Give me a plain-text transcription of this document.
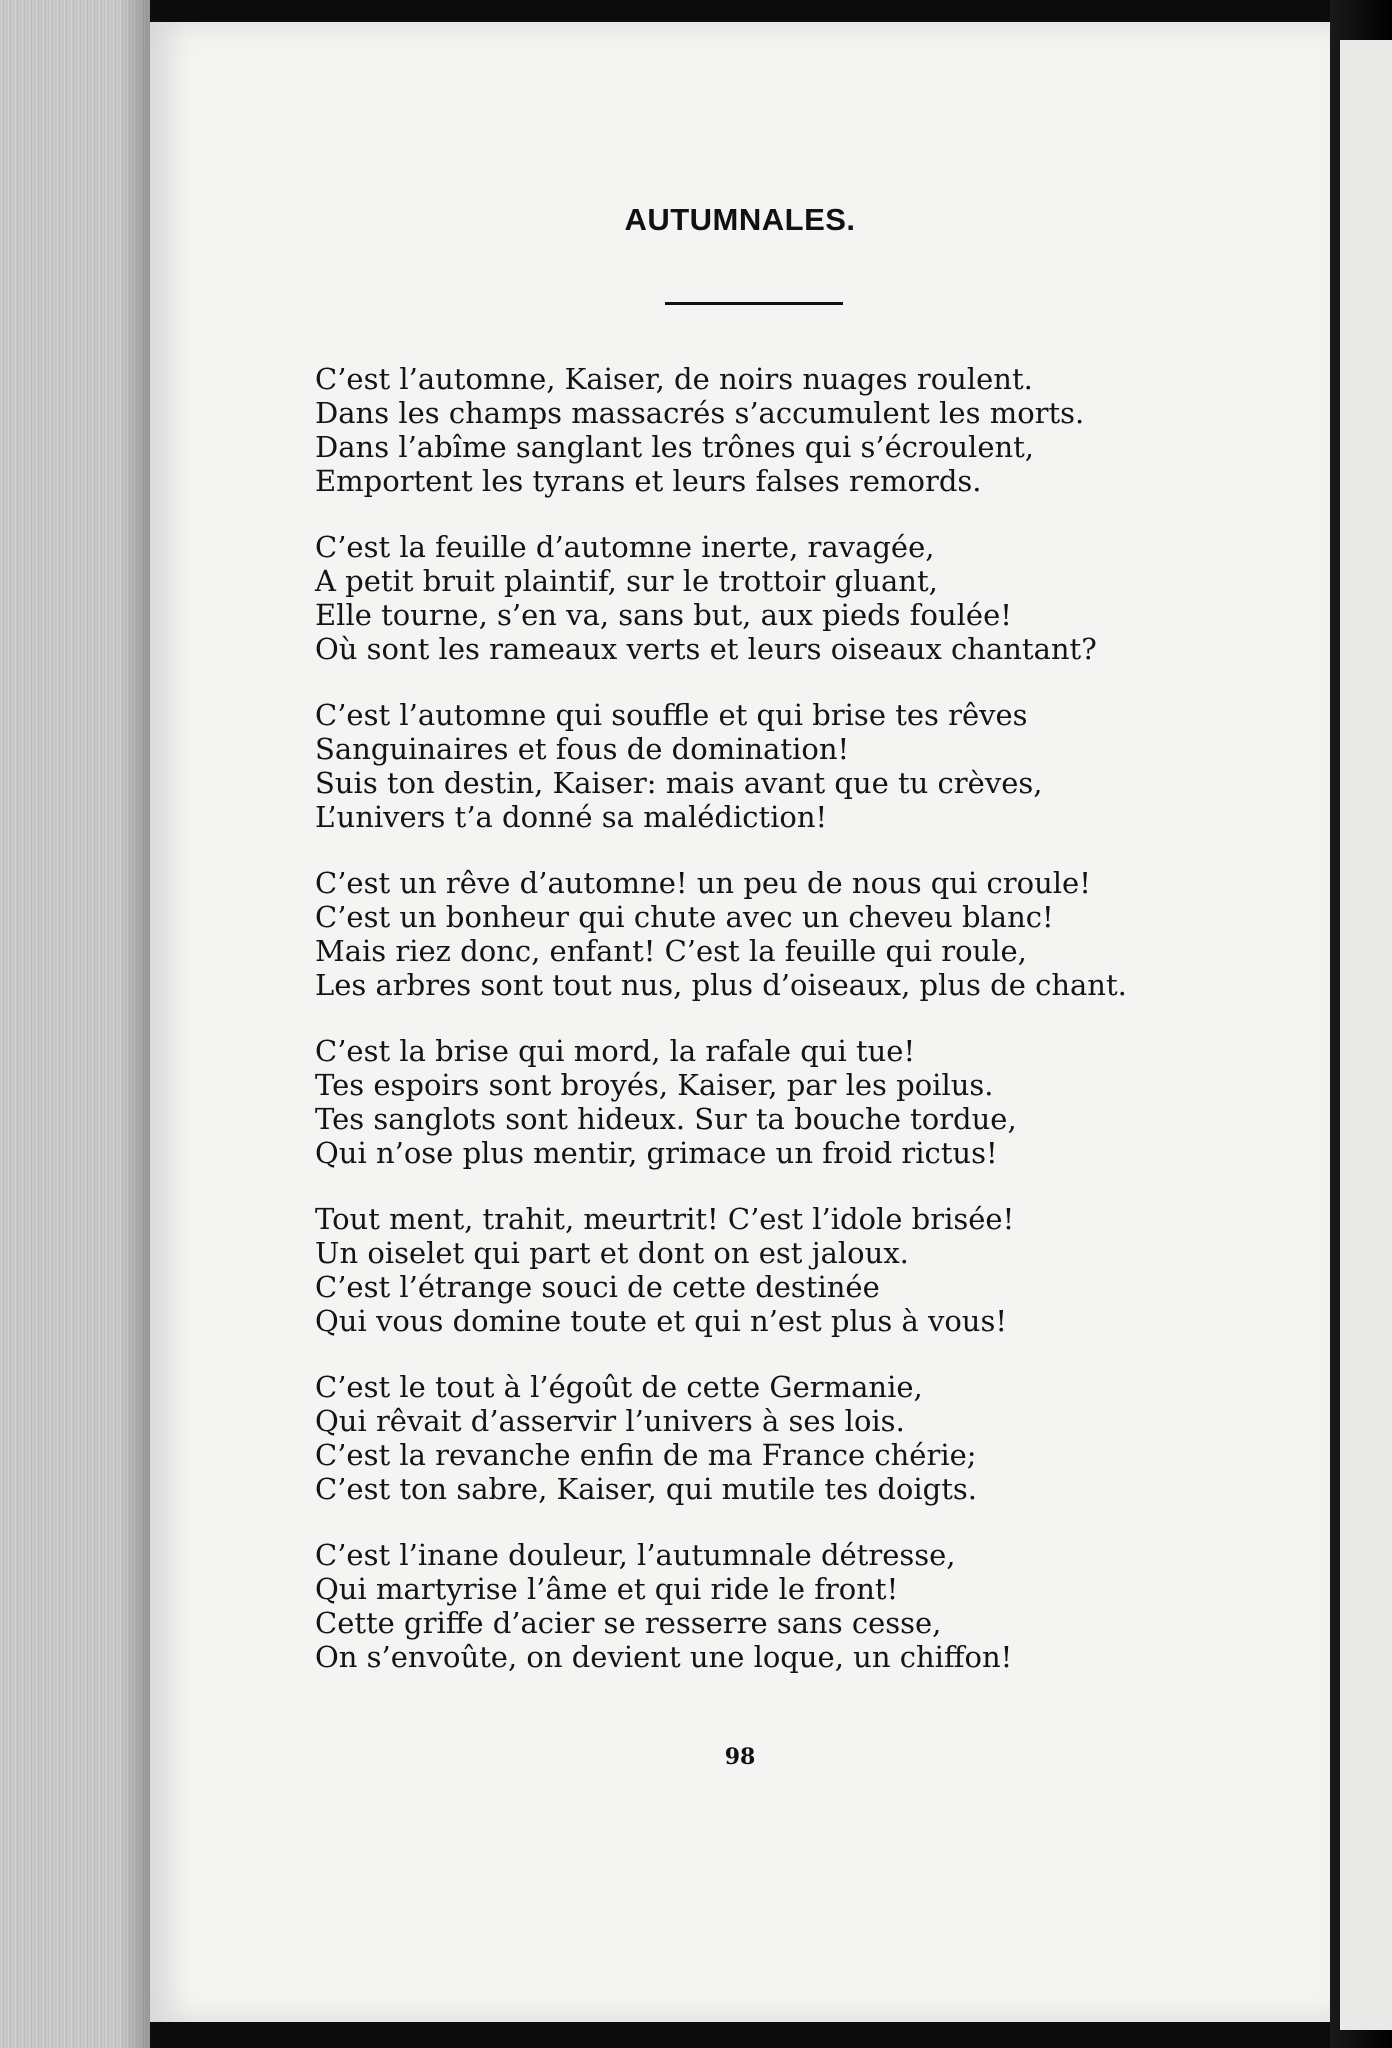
AUTUMNALES.
C’est l’automne, Kaiser, de noirs nuages roulent.
Dans les champs massacrés s’accumulent les morts.
Dans l’abîme sanglant les trônes qui s’écroulent,
Emportent les tyrans et leurs falses remords.
C’est la feuille d’automne inerte, ravagée,
A petit bruit plaintif, sur le trottoir gluant,
Elle tourne, s’en va, sans but, aux pieds foulée!
Où sont les rameaux verts et leurs oiseaux chantant?
C’est l’automne qui souffle et qui brise tes rêves
Sanguinaires et fous de domination!
Suis ton destin, Kaiser: mais avant que tu crèves,
L’univers t’a donné sa malédiction!
C’est un rêve d’automne! un peu de nous qui croule!
C’est un bonheur qui chute avec un cheveu blanc!
Mais riez donc, enfant! C’est la feuille qui roule,
Les arbres sont tout nus, plus d’oiseaux, plus de chant.
C’est la brise qui mord, la rafale qui tue!
Tes espoirs sont broyés, Kaiser, par les poilus.
Tes sanglots sont hideux. Sur ta bouche tordue,
Qui n’ose plus mentir, grimace un froid rictus!
Tout ment, trahit, meurtrit! C’est l’idole brisée!
Un oiselet qui part et dont on est jaloux.
C’est l’étrange souci de cette destinée
Qui vous domine toute et qui n’est plus à vous!
C’est le tout à l’égoût de cette Germanie,
Qui rêvait d’asservir l’univers à ses lois.
C’est la revanche enfin de ma France chérie;
C’est ton sabre, Kaiser, qui mutile tes doigts.
C’est l’inane douleur, l’autumnale détresse,
Qui martyrise l’âme et qui ride le front!
Cette griffe d’acier se resserre sans cesse,
On s’envoûte, on devient une loque, un chiffon!
98
